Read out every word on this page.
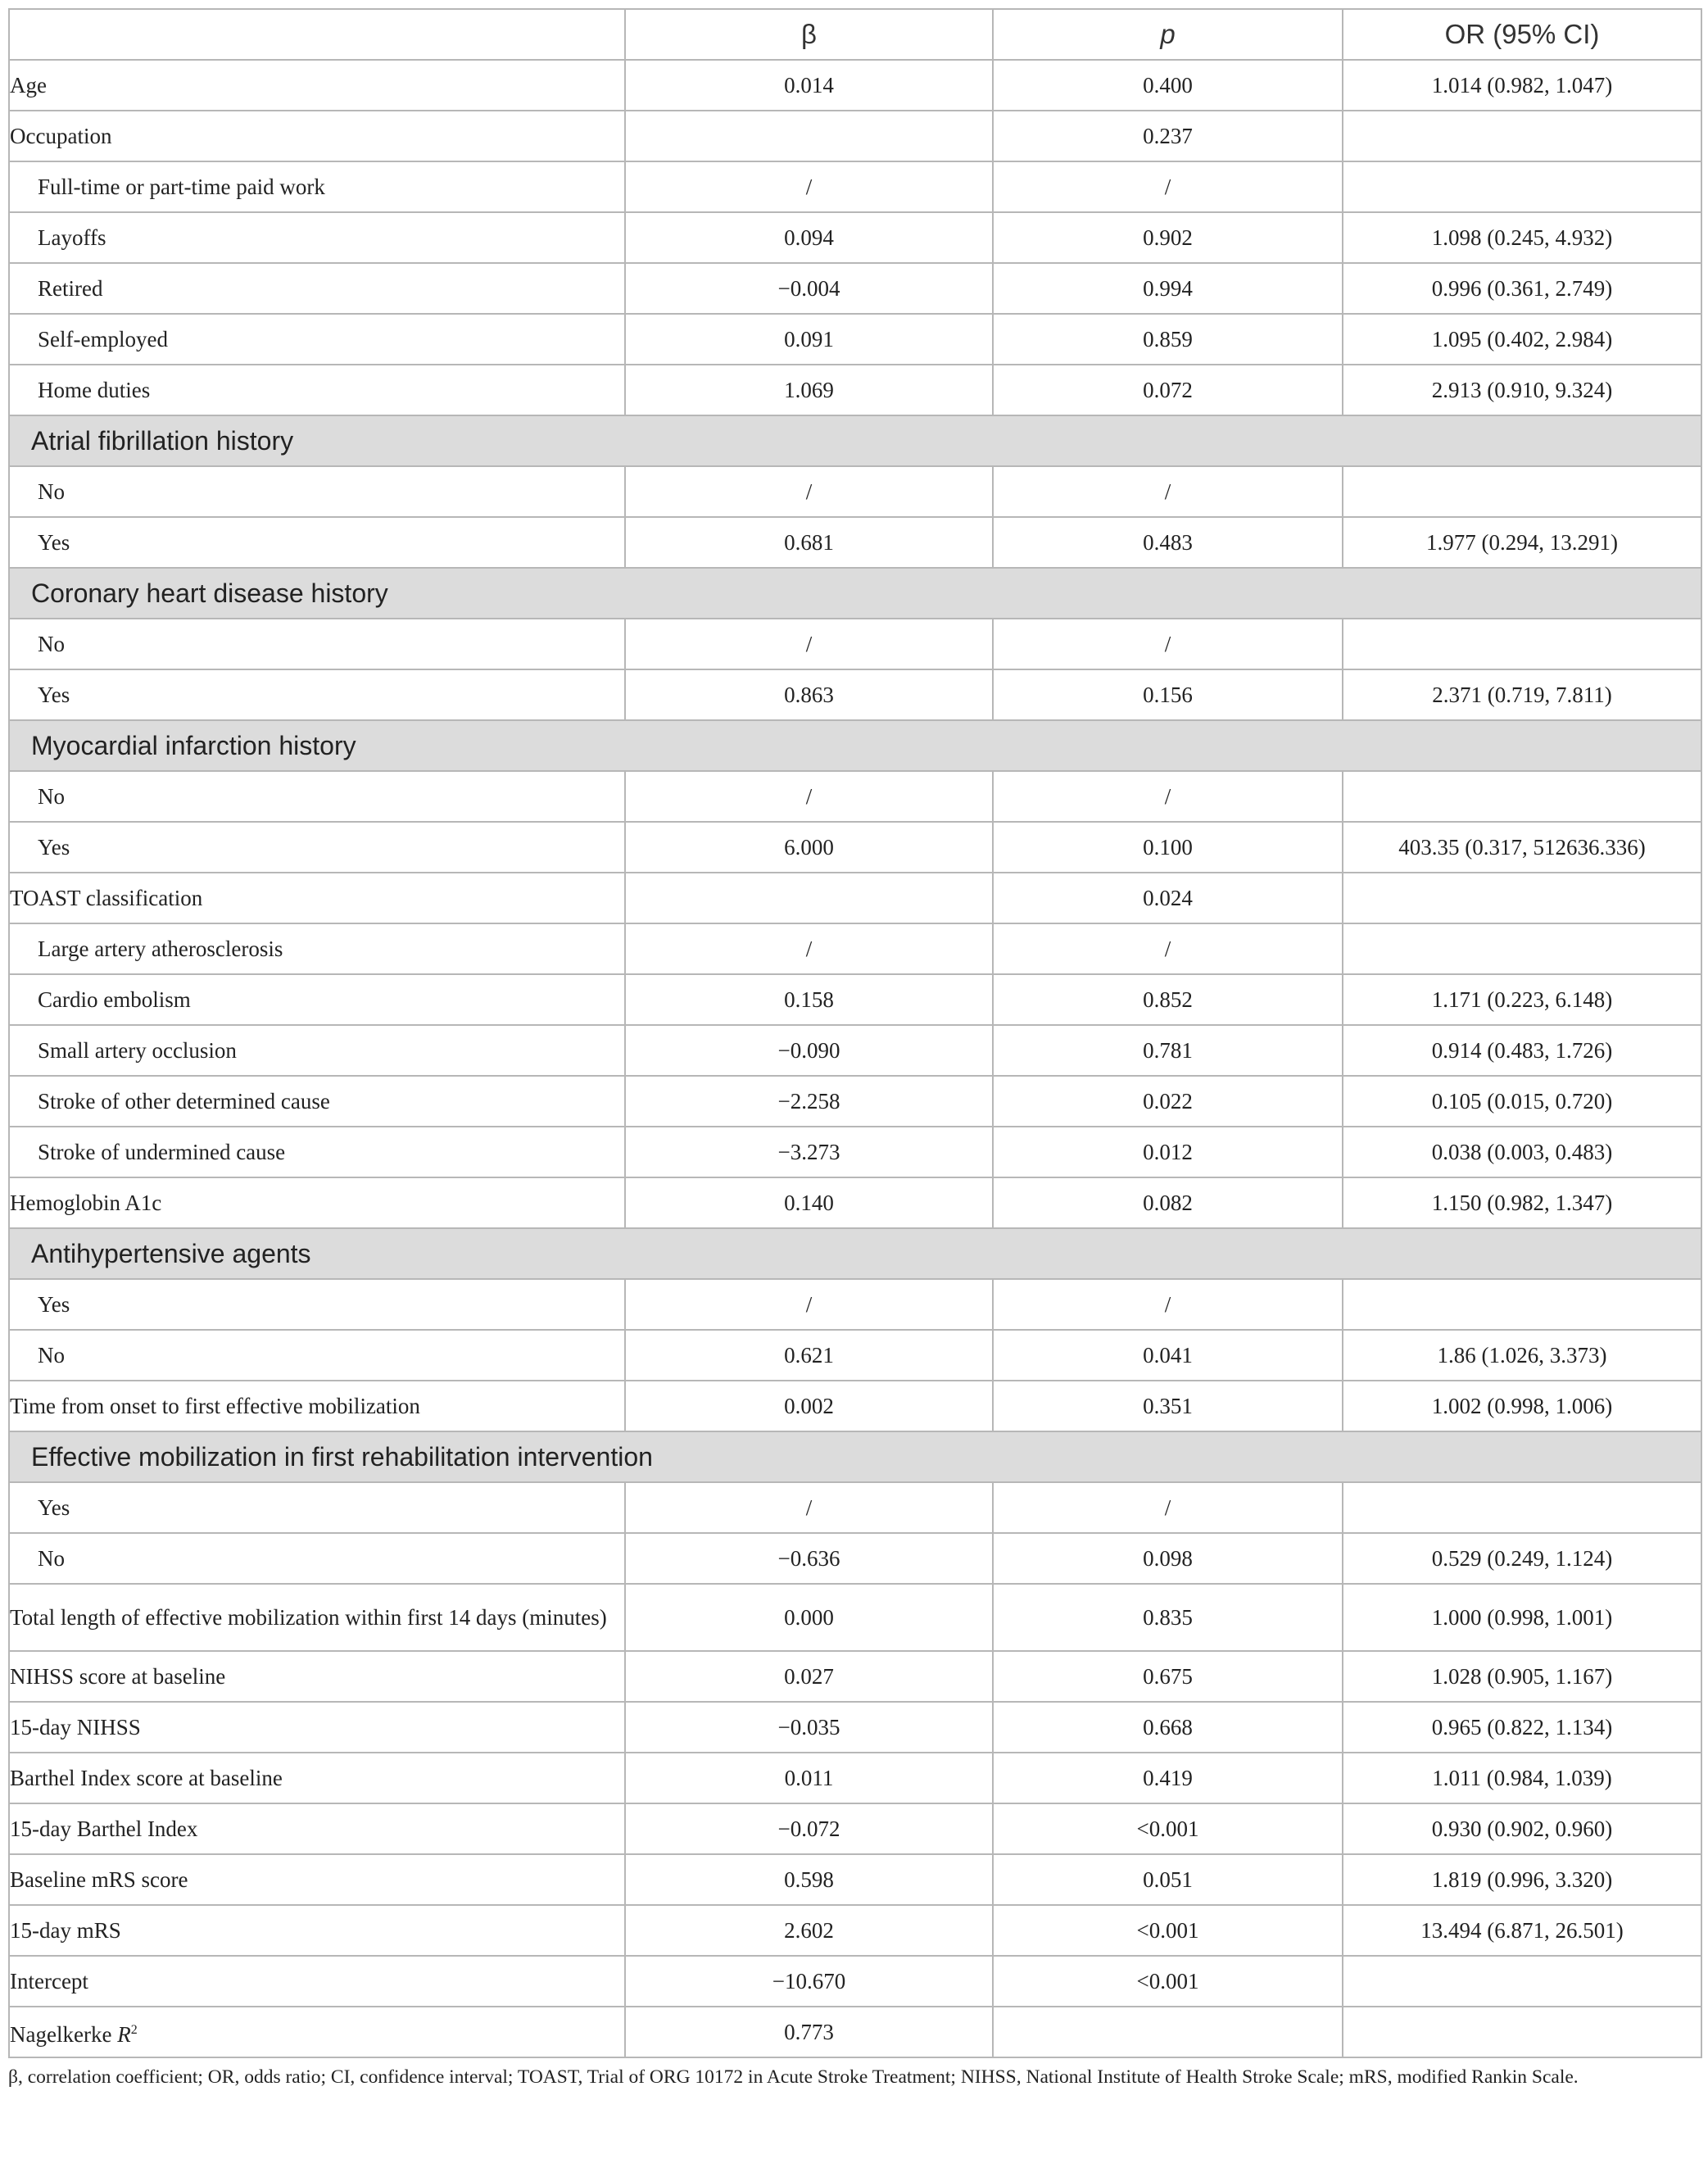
	β	p	OR (95% CI)
Age	0.014	0.400	1.014 (0.982, 1.047)
Occupation		0.237	
Full-time or part-time paid work	/	/	
Layoffs	0.094	0.902	1.098 (0.245, 4.932)
Retired	−0.004	0.994	0.996 (0.361, 2.749)
Self-employed	0.091	0.859	1.095 (0.402, 2.984)
Home duties	1.069	0.072	2.913 (0.910, 9.324)
Atrial fibrillation history			
No	/	/	
Yes	0.681	0.483	1.977 (0.294, 13.291)
Coronary heart disease history			
No	/	/	
Yes	0.863	0.156	2.371 (0.719, 7.811)
Myocardial infarction history			
No	/	/	
Yes	6.000	0.100	403.35 (0.317, 512636.336)
TOAST classification		0.024	
Large artery atherosclerosis	/	/	
Cardio embolism	0.158	0.852	1.171 (0.223, 6.148)
Small artery occlusion	−0.090	0.781	0.914 (0.483, 1.726)
Stroke of other determined cause	−2.258	0.022	0.105 (0.015, 0.720)
Stroke of undermined cause	−3.273	0.012	0.038 (0.003, 0.483)
Hemoglobin A1c	0.140	0.082	1.150 (0.982, 1.347)
Antihypertensive agents			
Yes	/	/	
No	0.621	0.041	1.86 (1.026, 3.373)
Time from onset to first effective mobilization	0.002	0.351	1.002 (0.998, 1.006)
Effective mobilization in first rehabilitation intervention			
Yes	/	/	
No	−0.636	0.098	0.529 (0.249, 1.124)
Total length of effective mobilization within first 14 days (minutes)	0.000	0.835	1.000 (0.998, 1.001)
NIHSS score at baseline	0.027	0.675	1.028 (0.905, 1.167)
15-day NIHSS	−0.035	0.668	0.965 (0.822, 1.134)
Barthel Index score at baseline	0.011	0.419	1.011 (0.984, 1.039)
15-day Barthel Index	−0.072	<0.001	0.930 (0.902, 0.960)
Baseline mRS score	0.598	0.051	1.819 (0.996, 3.320)
15-day mRS	2.602	<0.001	13.494 (6.871, 26.501)
Intercept	−10.670	<0.001	
Nagelkerke $R^2$	0.773		
β, correlation coefficient; OR, odds ratio; CI, confidence interval; TOAST, Trial of ORG 10172 in Acute Stroke Treatment; NIHSS, National Institute of Health Stroke Scale; mRS, modified Rankin Scale.
